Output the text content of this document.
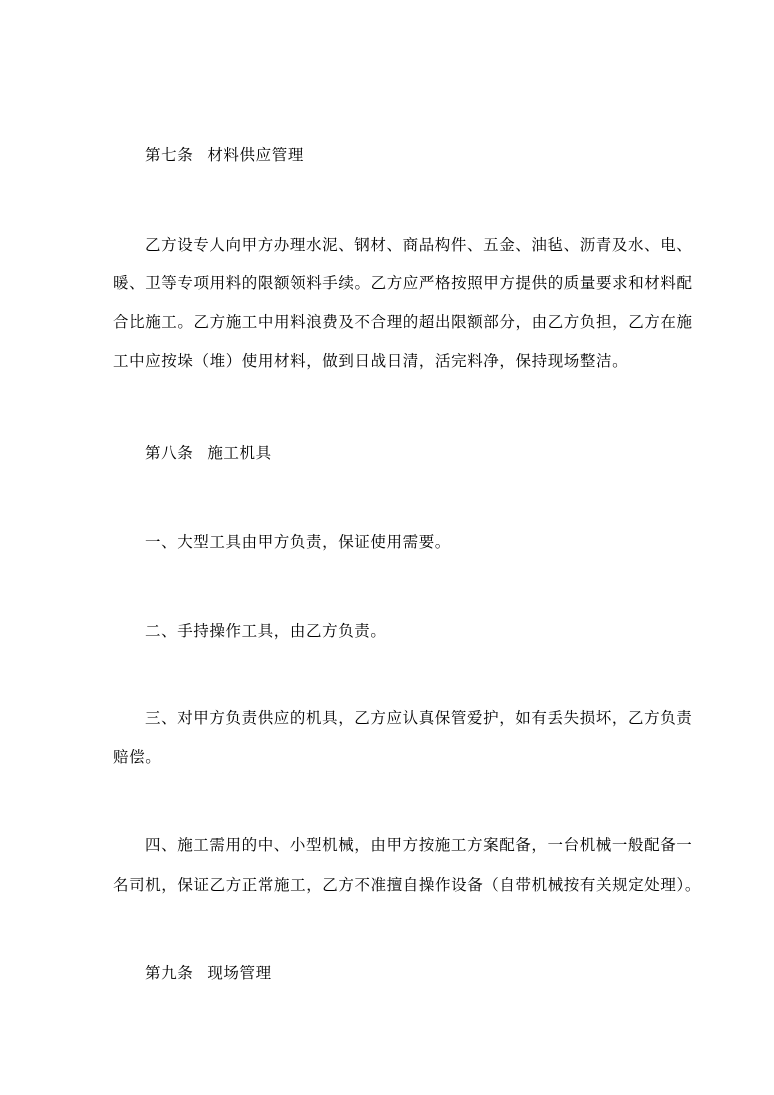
第七条 材料供应管理
乙方设专人向甲方办理水泥、钢材、商品构件、五金、油毡、沥青及水、电、
暖、卫等专项用料的限额领料手续。乙方应严格按照甲方提供的质量要求和材料配
合比施工。乙方施工中用料浪费及不合理的超出限额部分，由乙方负担，乙方在施
工中应按垛（堆）使用材料，做到日战日清，活完料净，保持现场整洁。
第八条 施工机具
一、大型工具由甲方负责，保证使用需要。
二、手持操作工具，由乙方负责。
三、对甲方负责供应的机具，乙方应认真保管爱护，如有丢失损坏，乙方负责
赔偿。
四、施工需用的中、小型机械，由甲方按施工方案配备，一台机械一般配备一
名司机，保证乙方正常施工，乙方不准擅自操作设备（自带机械按有关规定处理）。
第九条 现场管理
